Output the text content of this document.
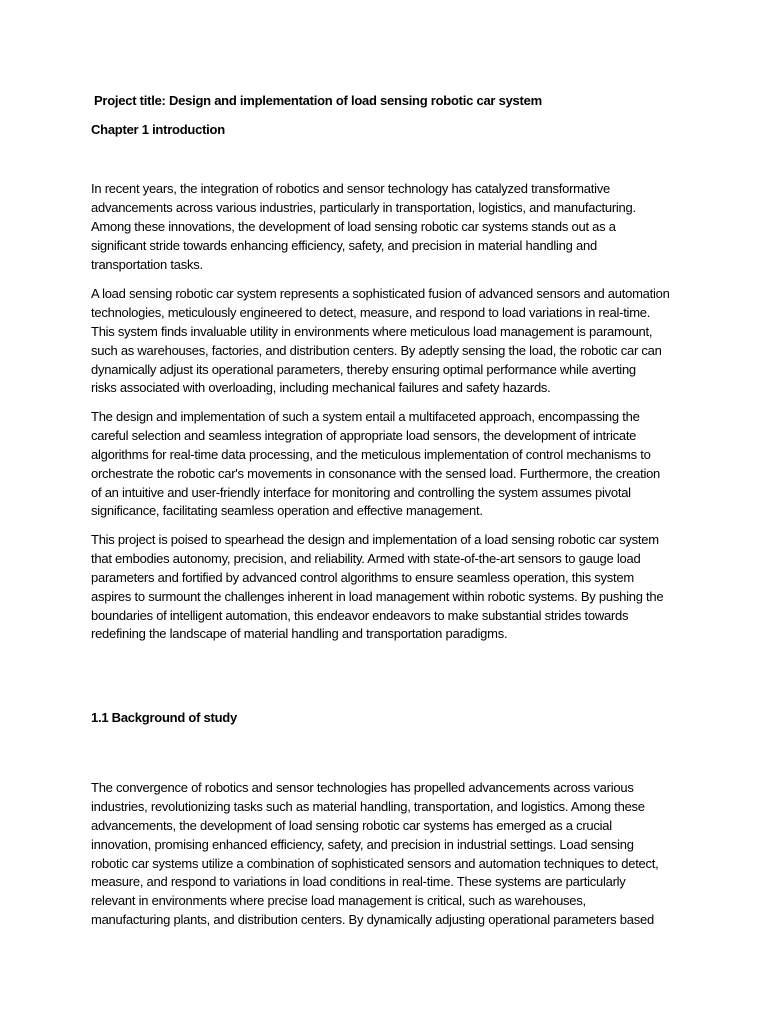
Project title: Design and implementation of load sensing robotic car system
Chapter 1 introduction
In recent years, the integration of robotics and sensor technology has catalyzed transformative
advancements across various industries, particularly in transportation, logistics, and manufacturing.
Among these innovations, the development of load sensing robotic car systems stands out as a
significant stride towards enhancing efficiency, safety, and precision in material handling and
transportation tasks.
A load sensing robotic car system represents a sophisticated fusion of advanced sensors and automation
technologies, meticulously engineered to detect, measure, and respond to load variations in real-time.
This system finds invaluable utility in environments where meticulous load management is paramount,
such as warehouses, factories, and distribution centers. By adeptly sensing the load, the robotic car can
dynamically adjust its operational parameters, thereby ensuring optimal performance while averting
risks associated with overloading, including mechanical failures and safety hazards.
The design and implementation of such a system entail a multifaceted approach, encompassing the
careful selection and seamless integration of appropriate load sensors, the development of intricate
algorithms for real-time data processing, and the meticulous implementation of control mechanisms to
orchestrate the robotic car's movements in consonance with the sensed load. Furthermore, the creation
of an intuitive and user-friendly interface for monitoring and controlling the system assumes pivotal
significance, facilitating seamless operation and effective management.
This project is poised to spearhead the design and implementation of a load sensing robotic car system
that embodies autonomy, precision, and reliability. Armed with state-of-the-art sensors to gauge load
parameters and fortified by advanced control algorithms to ensure seamless operation, this system
aspires to surmount the challenges inherent in load management within robotic systems. By pushing the
boundaries of intelligent automation, this endeavor endeavors to make substantial strides towards
redefining the landscape of material handling and transportation paradigms.
1.1 Background of study
The convergence of robotics and sensor technologies has propelled advancements across various
industries, revolutionizing tasks such as material handling, transportation, and logistics. Among these
advancements, the development of load sensing robotic car systems has emerged as a crucial
innovation, promising enhanced efficiency, safety, and precision in industrial settings. Load sensing
robotic car systems utilize a combination of sophisticated sensors and automation techniques to detect,
measure, and respond to variations in load conditions in real-time. These systems are particularly
relevant in environments where precise load management is critical, such as warehouses,
manufacturing plants, and distribution centers. By dynamically adjusting operational parameters based
